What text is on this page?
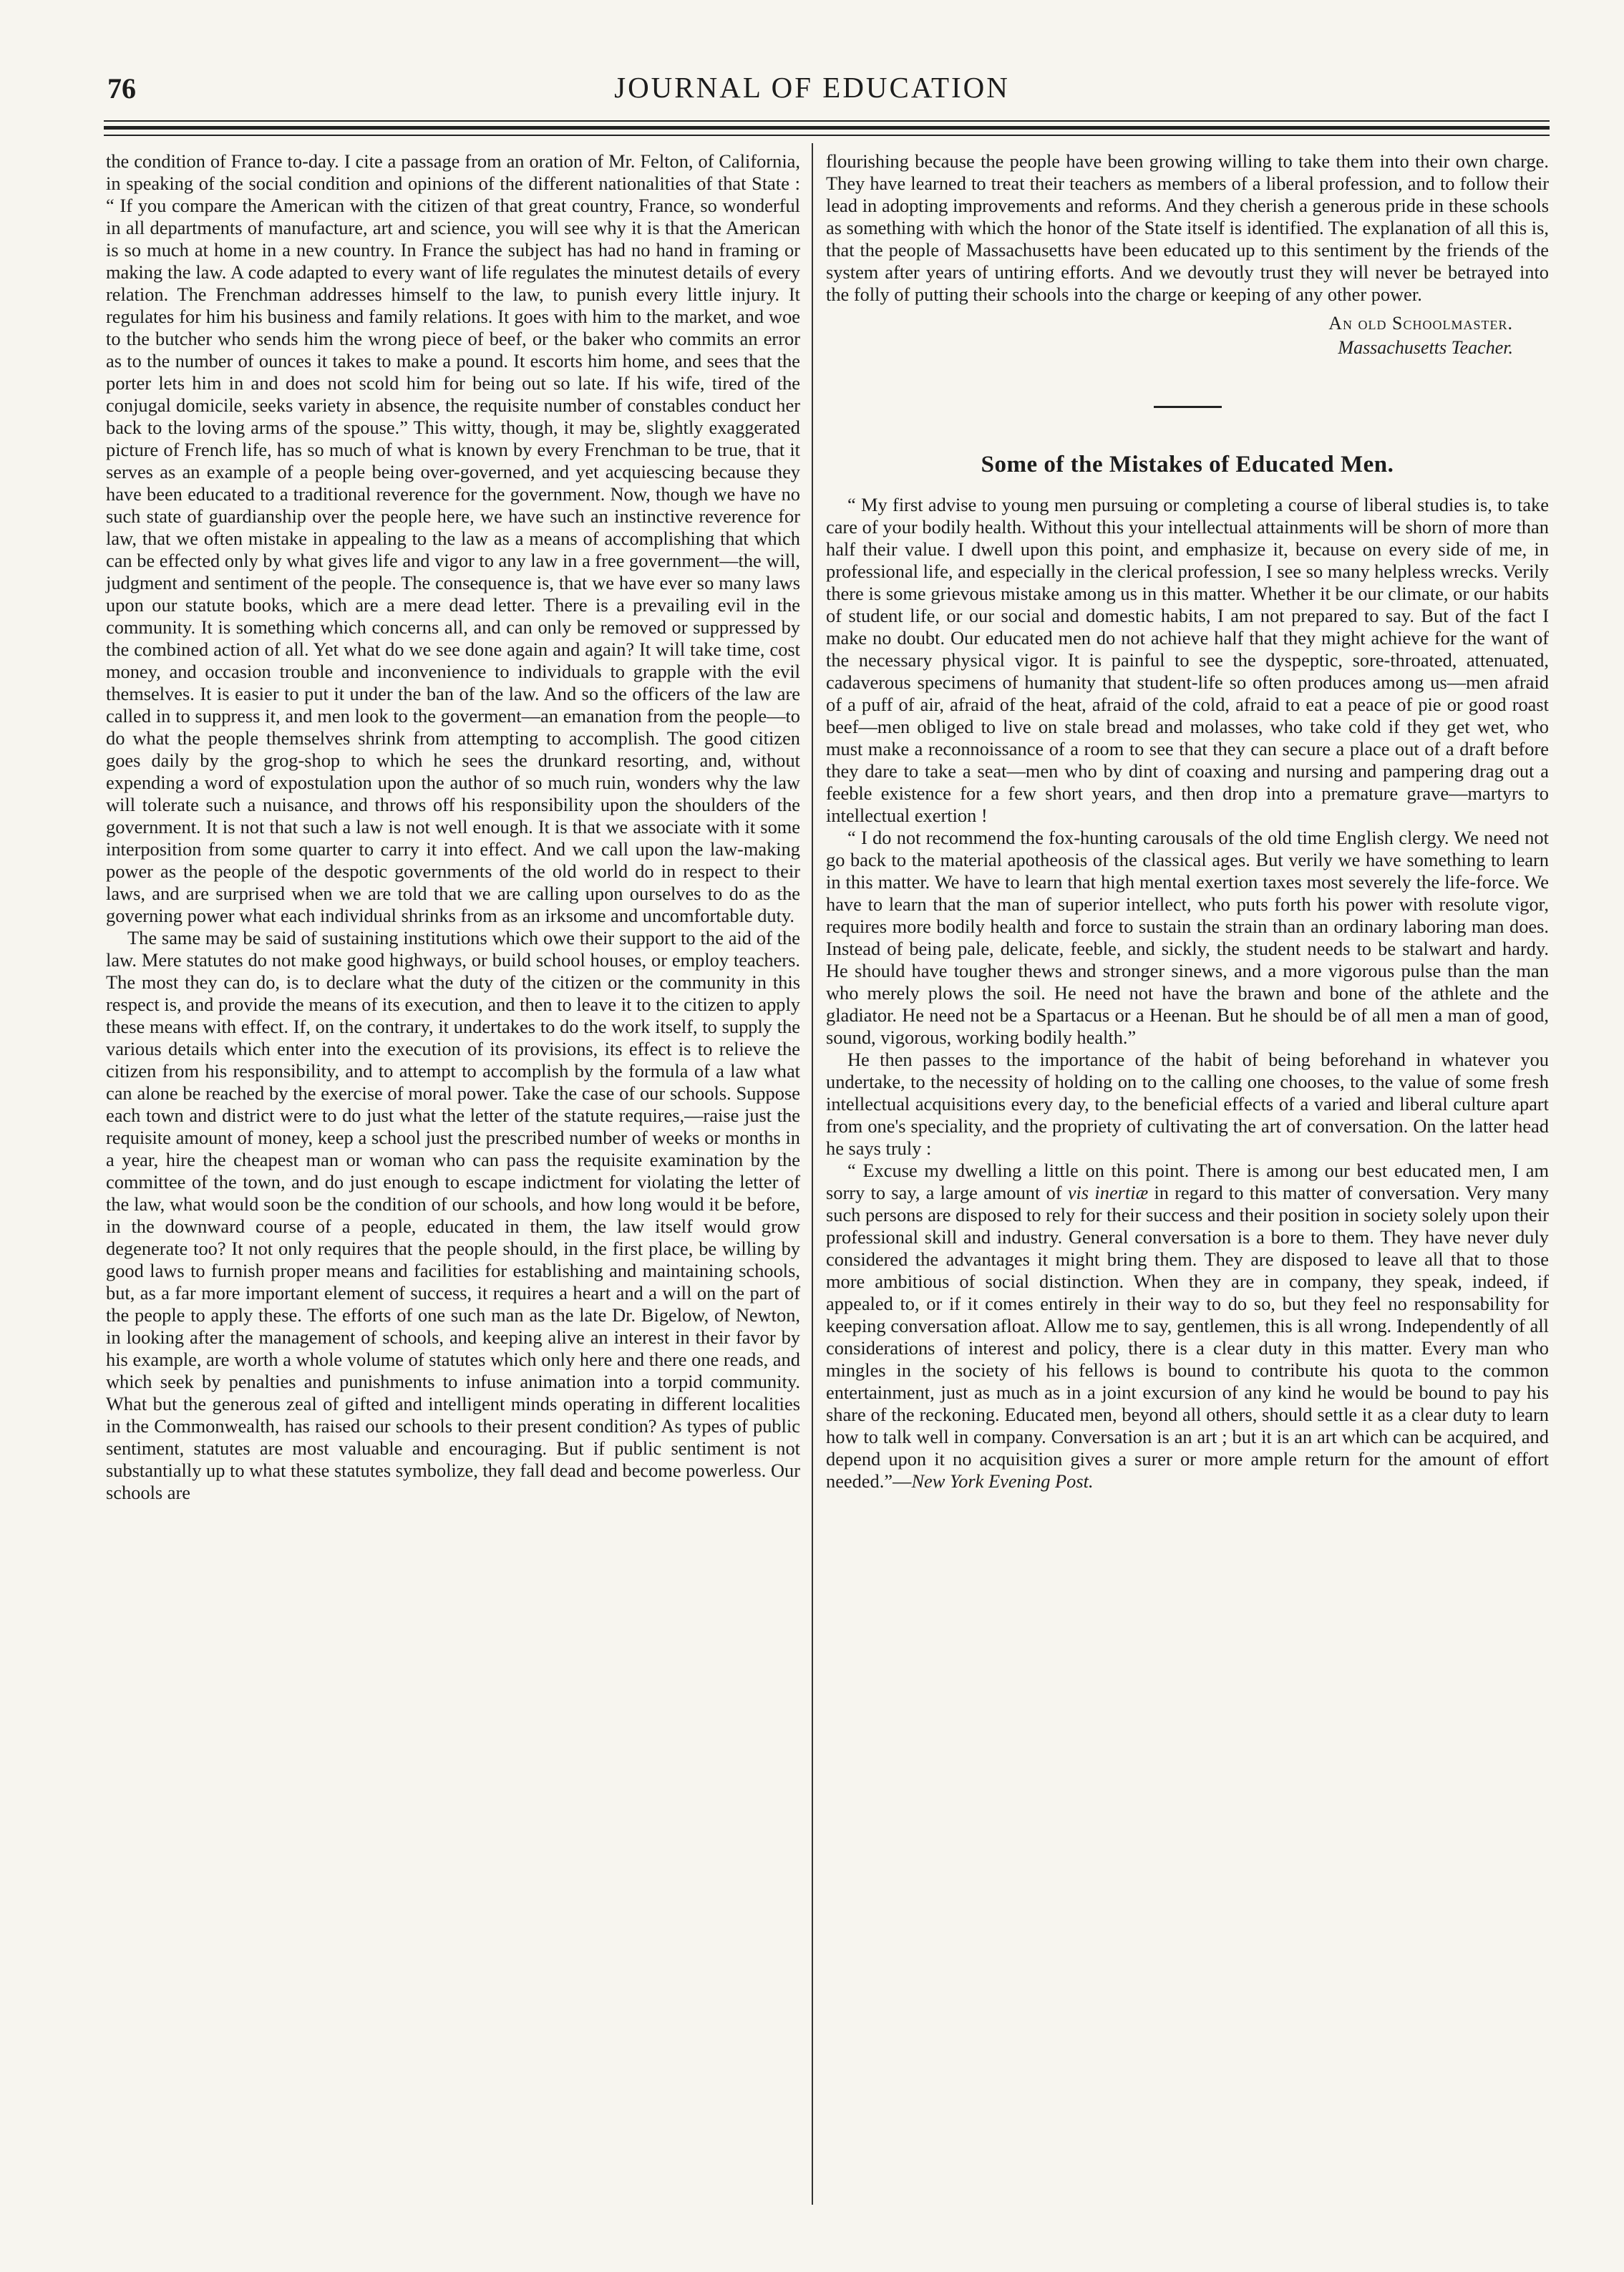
76	JOURNAL OF EDUCATION

the condition of France to-day. I cite a passage from an oration of Mr. Felton, of California, in speaking of the social condition and opinions of the different nationalities of that State : “ If you compare the American with the citizen of that great country, France, so wonderful in all departments of manufacture, art and science, you will see why it is that the American is so much at home in a new country. In France the subject has had no hand in framing or making the law. A code adapted to every want of life regulates the minutest details of every relation. The Frenchman addresses himself to the law, to punish every little injury. It regulates for him his business and family relations. It goes with him to the market, and woe to the butcher who sends him the wrong piece of beef, or the baker who commits an error as to the number of ounces it takes to make a pound. It escorts him home, and sees that the porter lets him in and does not scold him for being out so late. If his wife, tired of the conjugal domicile, seeks variety in absence, the requisite number of constables conduct her back to the loving arms of the spouse.” This witty, though, it may be, slightly exaggerated picture of French life, has so much of what is known by every Frenchman to be true, that it serves as an example of a people being over-governed, and yet acquiescing because they have been educated to a traditional reverence for the government. Now, though we have no such state of guardianship over the people here, we have such an instinctive reverence for law, that we often mistake in appealing to the law as a means of accomplishing that which can be effected only by what gives life and vigor to any law in a free government—the will, judgment and sentiment of the people. The consequence is, that we have ever so many laws upon our statute books, which are a mere dead letter. There is a prevailing evil in the community. It is something which concerns all, and can only be removed or suppressed by the combined action of all. Yet what do we see done again and again? It will take time, cost money, and occasion trouble and inconvenience to individuals to grapple with the evil themselves. It is easier to put it under the ban of the law. And so the officers of the law are called in to suppress it, and men look to the goverment—an emanation from the people—to do what the people themselves shrink from attempting to accomplish. The good citizen goes daily by the grog-shop to which he sees the drunkard resorting, and, without expending a word of expostulation upon the author of so much ruin, wonders why the law will tolerate such a nuisance, and throws off his responsibility upon the shoulders of the government. It is not that such a law is not well enough. It is that we associate with it some interposition from some quarter to carry it into effect. And we call upon the law-making power as the people of the despotic governments of the old world do in respect to their laws, and are surprised when we are told that we are calling upon ourselves to do as the governing power what each individual shrinks from as an irksome and uncomfortable duty.

The same may be said of sustaining institutions which owe their support to the aid of the law. Mere statutes do not make good highways, or build school houses, or employ teachers. The most they can do, is to declare what the duty of the citizen or the community in this respect is, and provide the means of its execution, and then to leave it to the citizen to apply these means with effect. If, on the contrary, it undertakes to do the work itself, to supply the various details which enter into the execution of its provisions, its effect is to relieve the citizen from his responsibility, and to attempt to accomplish by the formula of a law what can alone be reached by the exercise of moral power. Take the case of our schools. Suppose each town and district were to do just what the letter of the statute requires,—raise just the requisite amount of money, keep a school just the prescribed number of weeks or months in a year, hire the cheapest man or woman who can pass the requisite examination by the committee of the town, and do just enough to escape indictment for violating the letter of the law, what would soon be the condition of our schools, and how long would it be before, in the downward course of a people, educated in them, the law itself would grow degenerate too? It not only requires that the people should, in the first place, be willing by good laws to furnish proper means and facilities for establishing and maintaining schools, but, as a far more important element of success, it requires a heart and a will on the part of the people to apply these. The efforts of one such man as the late Dr. Bigelow, of Newton, in looking after the management of schools, and keeping alive an interest in their favor by his example, are worth a whole volume of statutes which only here and there one reads, and which seek by penalties and punishments to infuse animation into a torpid community. What but the generous zeal of gifted and intelligent minds operating in different localities in the Commonwealth, has raised our schools to their present condition? As types of public sentiment, statutes are most valuable and encouraging. But if public sentiment is not substantially up to what these statutes symbolize, they fall dead and become powerless. Our schools are

flourishing because the people have been growing willing to take them into their own charge. They have learned to treat their teachers as members of a liberal profession, and to follow their lead in adopting improvements and reforms. And they cherish a generous pride in these schools as something with which the honor of the State itself is identified. The explanation of all this is, that the people of Massachusetts have been educated up to this sentiment by the friends of the system after years of untiring efforts. And we devoutly trust they will never be betrayed into the folly of putting their schools into the charge or keeping of any other power.

An old Schoolmaster.
Massachusetts Teacher.
Some of the Mistakes of Educated Men.

“ My first advise to young men pursuing or completing a course of liberal studies is, to take care of your bodily health. Without this your intellectual attainments will be shorn of more than half their value. I dwell upon this point, and emphasize it, because on every side of me, in professional life, and especially in the clerical profession, I see so many helpless wrecks. Verily there is some grievous mistake among us in this matter. Whether it be our climate, or our habits of student life, or our social and domestic habits, I am not prepared to say. But of the fact I make no doubt. Our educated men do not achieve half that they might achieve for the want of the necessary physical vigor. It is painful to see the dyspeptic, sore-throated, attenuated, cadaverous specimens of humanity that student-life so often produces among us—men afraid of a puff of air, afraid of the heat, afraid of the cold, afraid to eat a peace of pie or good roast beef—men obliged to live on stale bread and molasses, who take cold if they get wet, who must make a reconnoissance of a room to see that they can secure a place out of a draft before they dare to take a seat—men who by dint of coaxing and nursing and pampering drag out a feeble existence for a few short years, and then drop into a premature grave—martyrs to intellectual exertion !

“ I do not recommend the fox-hunting carousals of the old time English clergy. We need not go back to the material apotheosis of the classical ages. But verily we have something to learn in this matter. We have to learn that high mental exertion taxes most severely the life-force. We have to learn that the man of superior intellect, who puts forth his power with resolute vigor, requires more bodily health and force to sustain the strain than an ordinary laboring man does. Instead of being pale, delicate, feeble, and sickly, the student needs to be stalwart and hardy. He should have tougher thews and stronger sinews, and a more vigorous pulse than the man who merely plows the soil. He need not have the brawn and bone of the athlete and the gladiator. He need not be a Spartacus or a Heenan. But he should be of all men a man of good, sound, vigorous, working bodily health.”

He then passes to the importance of the habit of being beforehand in whatever you undertake, to the necessity of holding on to the calling one chooses, to the value of some fresh intellectual acquisitions every day, to the beneficial effects of a varied and liberal culture apart from one's speciality, and the propriety of cultivating the art of conversation. On the latter head he says truly :

“ Excuse my dwelling a little on this point. There is among our best educated men, I am sorry to say, a large amount of vis inertiæ in regard to this matter of conversation. Very many such persons are disposed to rely for their success and their position in society solely upon their professional skill and industry. General conversation is a bore to them. They have never duly considered the advantages it might bring them. They are disposed to leave all that to those more ambitious of social distinction. When they are in company, they speak, indeed, if appealed to, or if it comes entirely in their way to do so, but they feel no responsability for keeping conversation afloat. Allow me to say, gentlemen, this is all wrong. Independently of all considerations of interest and policy, there is a clear duty in this matter. Every man who mingles in the society of his fellows is bound to contribute his quota to the common entertainment, just as much as in a joint excursion of any kind he would be bound to pay his share of the reckoning. Educated men, beyond all others, should settle it as a clear duty to learn how to talk well in company. Conversation is an art ; but it is an art which can be acquired, and depend upon it no acquisition gives a surer or more ample return for the amount of effort needed.”—New York Evening Post.
